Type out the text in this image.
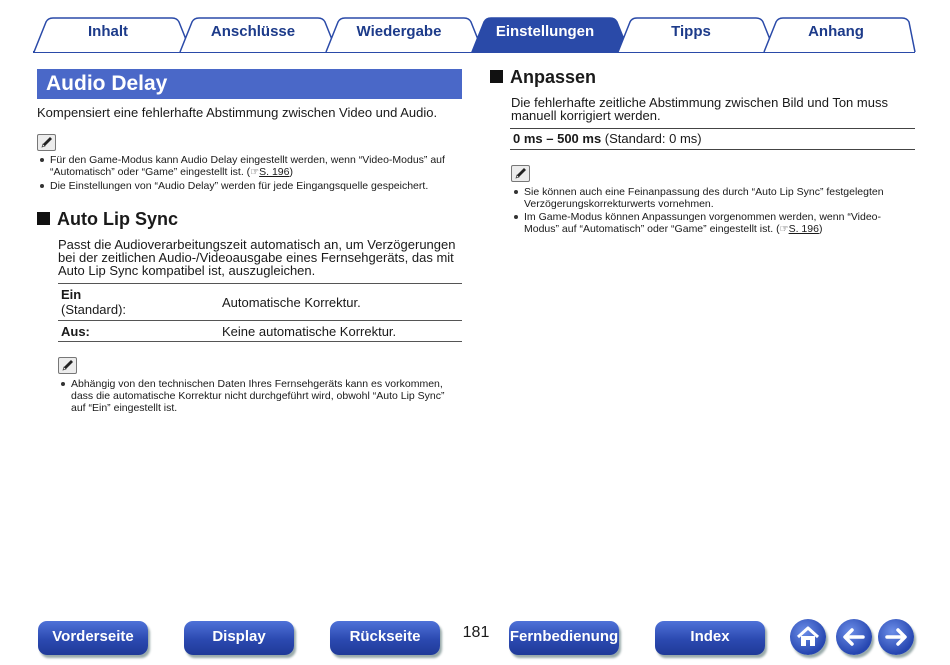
Inhalt	Anschlüsse	Wiedergabe	Einstellungen	Tipps	Anhang
Audio Delay
Kompensiert eine fehlerhafte Abstimmung zwischen Video und Audio.
Für den Game-Modus kann Audio Delay eingestellt werden, wenn “Video-Modus” auf “Automatisch” oder “Game” eingestellt ist. (☞S. 196)
Die Einstellungen von “Audio Delay” werden für jede Eingangsquelle gespeichert.
Auto Lip Sync
Passt die Audioverarbeitungszeit automatisch an, um Verzögerungen bei der zeitlichen Audio-/Videoausgabe eines Fernsehgeräts, das mit Auto Lip Sync kompatibel ist, auszugleichen.
Ein
(Standard):	Automatische Korrektur.
Aus:	Keine automatische Korrektur.
Abhängig von den technischen Daten Ihres Fernsehgeräts kann es vorkommen, dass die automatische Korrektur nicht durchgeführt wird, obwohl “Auto Lip Sync” auf “Ein” eingestellt ist.
Anpassen
Die fehlerhafte zeitliche Abstimmung zwischen Bild und Ton muss manuell korrigiert werden.
0 ms – 500 ms (Standard: 0 ms)
Sie können auch eine Feinanpassung des durch “Auto Lip Sync” festgelegten Verzögerungskorrekturwerts vornehmen.
Im Game-Modus können Anpassungen vorgenommen werden, wenn “Video-Modus” auf “Automatisch” oder “Game” eingestellt ist. (☞S. 196)
Vorderseite	Display	Rückseite	181	Fernbedienung	Index
